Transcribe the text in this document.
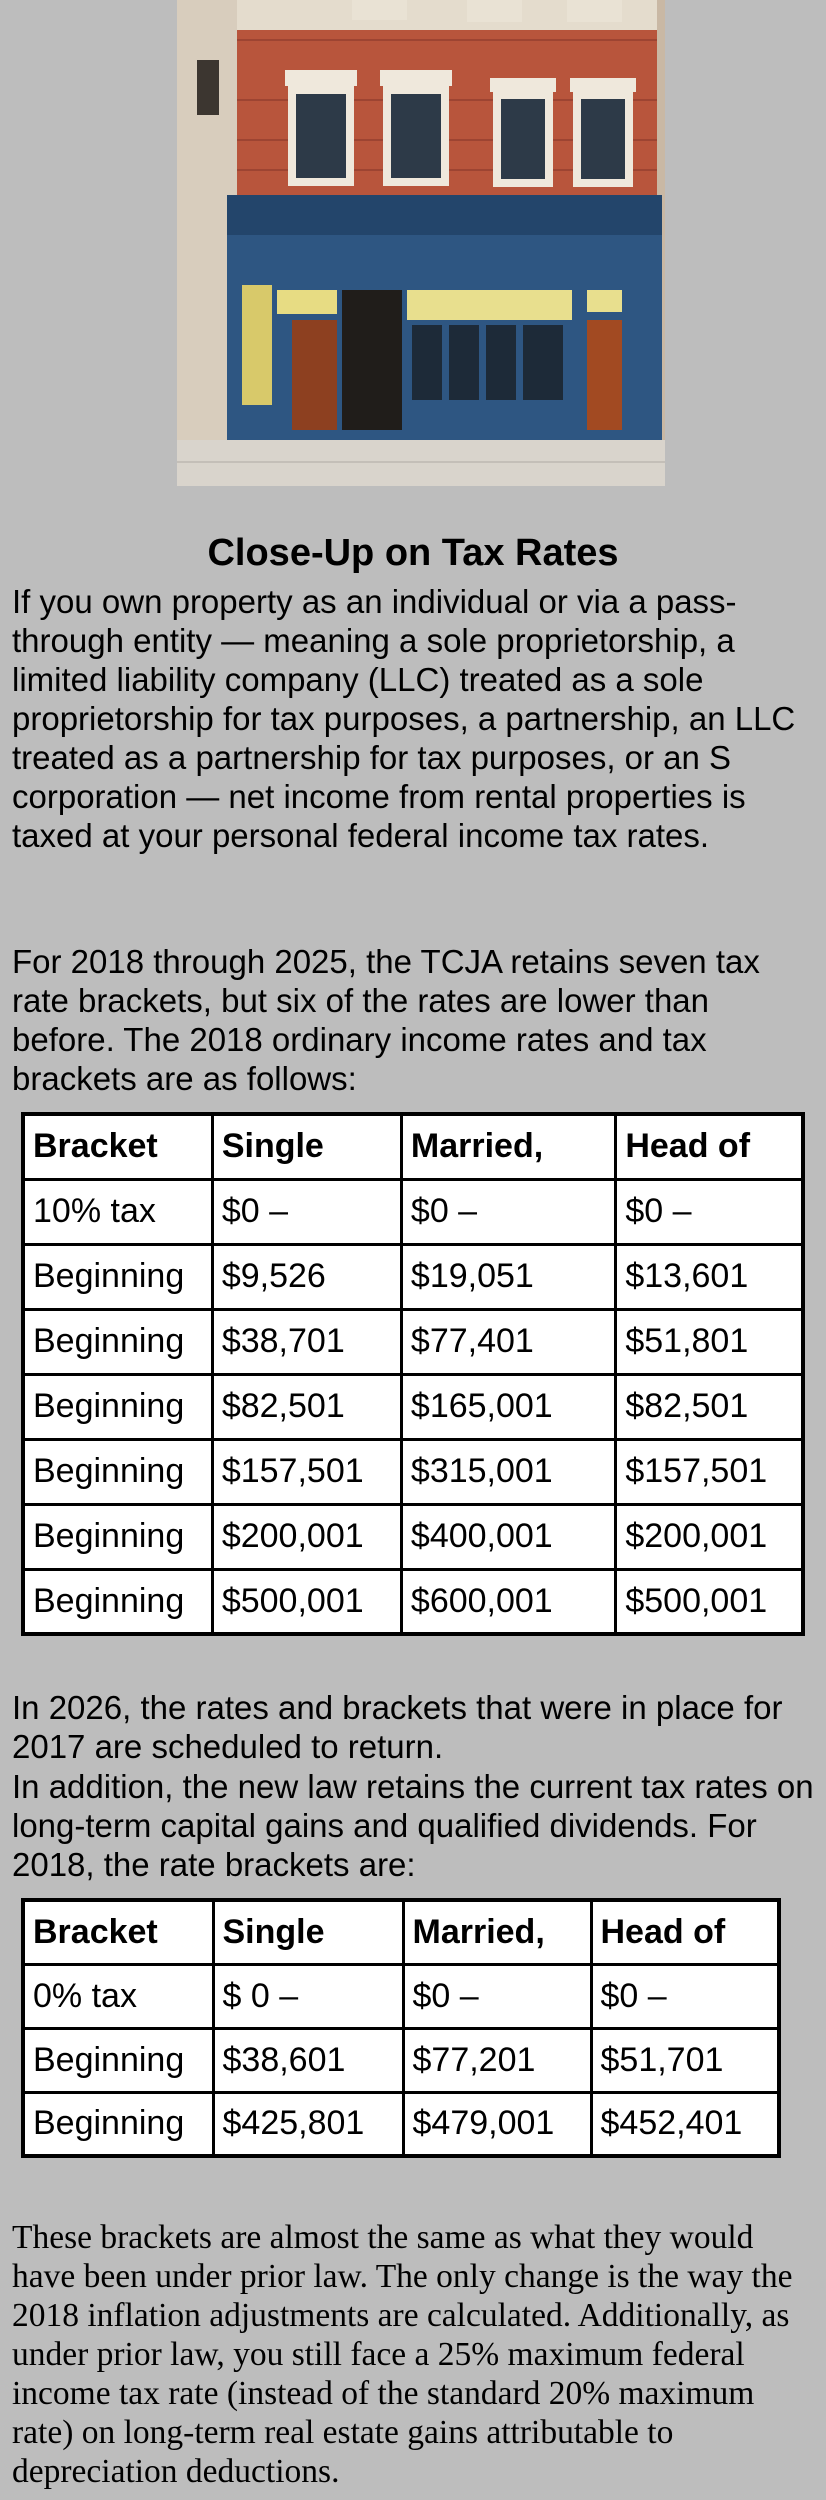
Close-Up on Tax Rates

If you own property as an individual or via a pass-through entity — meaning a sole proprietorship, a limited liability company (LLC) treated as a sole proprietorship for tax purposes, a partnership, an LLC treated as a partnership for tax purposes, or an S corporation — net income from rental properties is taxed at your personal federal income tax rates.

For 2018 through 2025, the TCJA retains seven tax rate brackets, but six of the rates are lower than before. The 2018 ordinary income rates and tax brackets are as follows:

Bracket	Single	Married,	Head of
10% tax	$0 –	$0 –	$0 –
Beginning	$9,526	$19,051	$13,601
Beginning	$38,701	$77,401	$51,801
Beginning	$82,501	$165,001	$82,501
Beginning	$157,501	$315,001	$157,501
Beginning	$200,001	$400,001	$200,001
Beginning	$500,001	$600,001	$500,001

In 2026, the rates and brackets that were in place for 2017 are scheduled to return.

In addition, the new law retains the current tax rates on long-term capital gains and qualified dividends. For 2018, the rate brackets are:

Bracket	Single	Married,	Head of
0% tax	$ 0 –	$0 –	$0 –
Beginning	$38,601	$77,201	$51,701
Beginning	$425,801	$479,001	$452,401

These brackets are almost the same as what they would have been under prior law. The only change is the way the 2018 inflation adjustments are calculated. Additionally, as under prior law, you still face a 25% maximum federal income tax rate (instead of the standard 20% maximum rate) on long-term real estate gains attributable to depreciation deductions.
